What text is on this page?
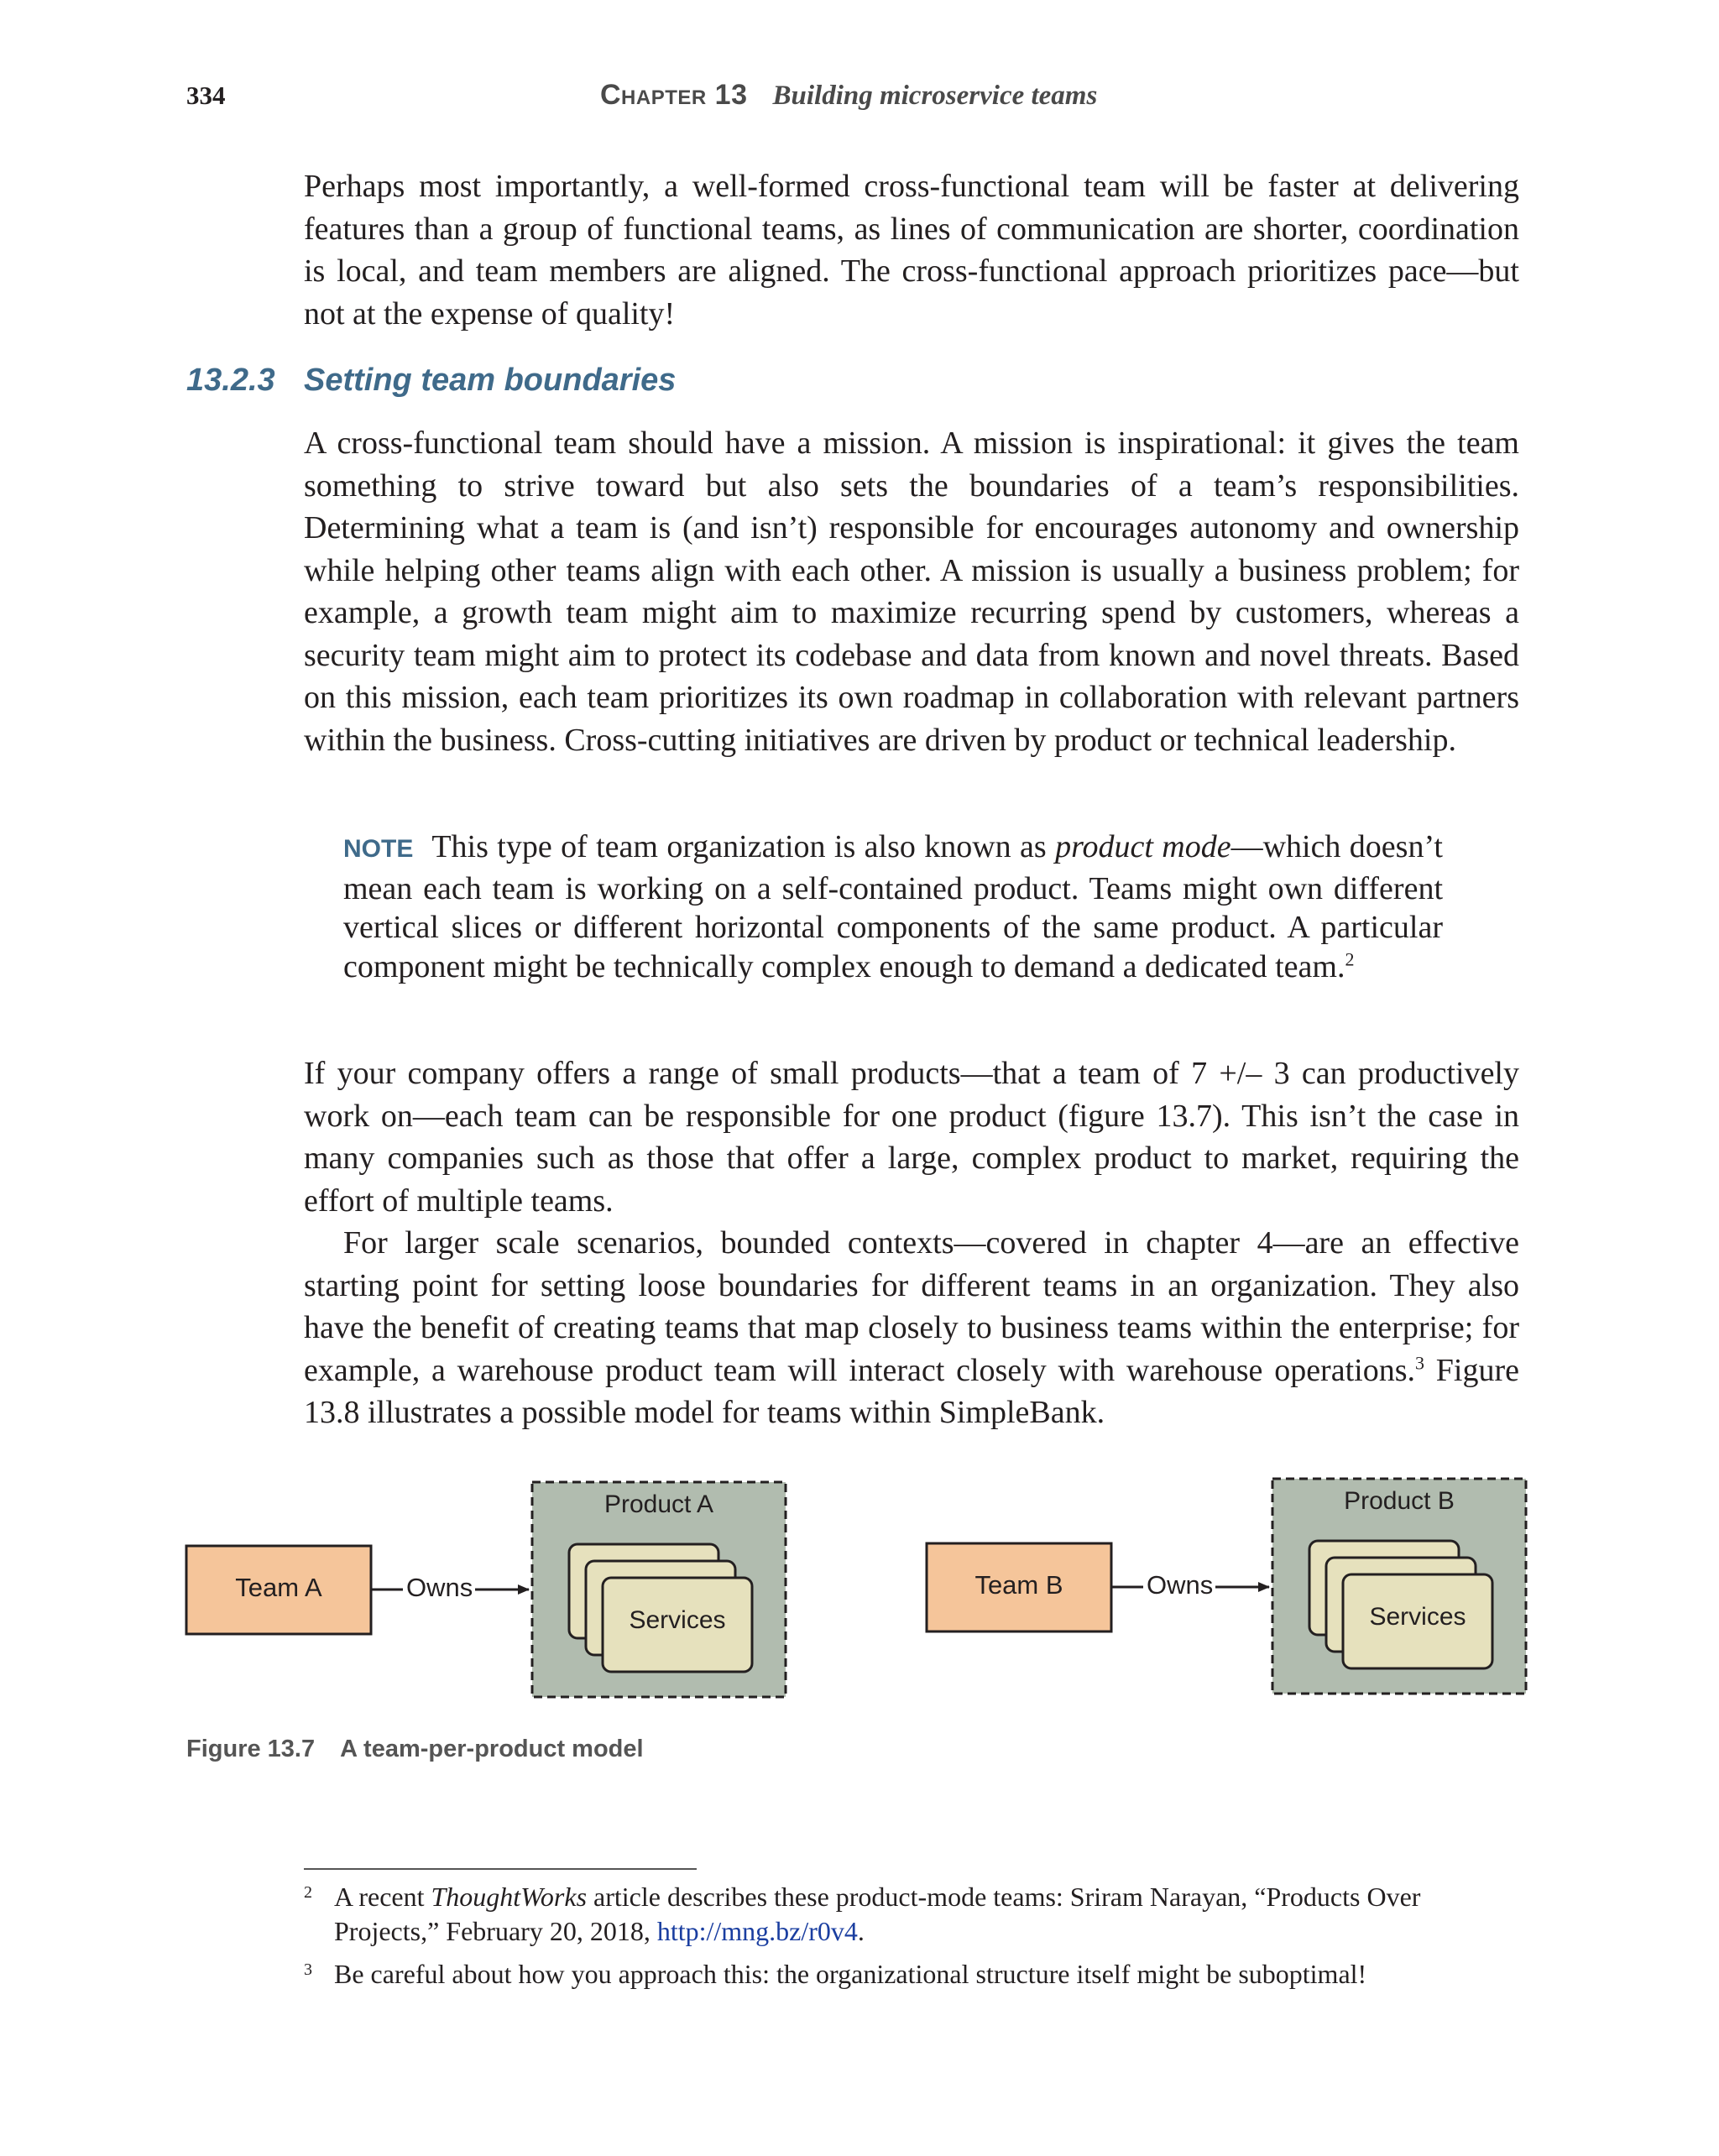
334	Chapter 13 Building microservice teams

Perhaps most importantly, a well-formed cross-functional team will be faster at delivering features than a group of functional teams, as lines of communication are shorter, coordination is local, and team members are aligned. The cross-functional approach prioritizes pace—but not at the expense of quality!

13.2.3 Setting team boundaries

A cross-functional team should have a mission. A mission is inspirational: it gives the team something to strive toward but also sets the boundaries of a team’s responsibilities. Determining what a team is (and isn’t) responsible for encourages autonomy and ownership while helping other teams align with each other. A mission is usually a business problem; for example, a growth team might aim to maximize recurring spend by customers, whereas a security team might aim to protect its codebase and data from known and novel threats. Based on this mission, each team prioritizes its own roadmap in collaboration with relevant partners within the business. Cross-cutting initiatives are driven by product or technical leadership.

NOTE This type of team organization is also known as product mode—which doesn’t mean each team is working on a self-contained product. Teams might own different vertical slices or different horizontal components of the same product. A particular component might be technically complex enough to demand a dedicated team.$^2$

If your company offers a range of small products—that a team of 7 +/– 3 can productively work on—each team can be responsible for one product (figure 13.7). This isn’t the case in many companies such as those that offer a large, complex product to market, requiring the effort of multiple teams.

For larger scale scenarios, bounded contexts—covered in chapter 4—are an effective starting point for setting loose boundaries for different teams in an organization. They also have the benefit of creating teams that map closely to business teams within the enterprise; for example, a warehouse product team will interact closely with warehouse operations.$^3$ Figure 13.8 illustrates a possible model for teams within SimpleBank.

Team A	Owns
Product A
Services
Team B	Owns
Product B
Services
Figure 13.7 A team-per-product model
2 A recent ThoughtWorks article describes these product-mode teams: Sriram Narayan, “Products Over Projects,” February 20, 2018, http://mng.bz/r0v4.
3 Be careful about how you approach this: the organizational structure itself might be suboptimal!
